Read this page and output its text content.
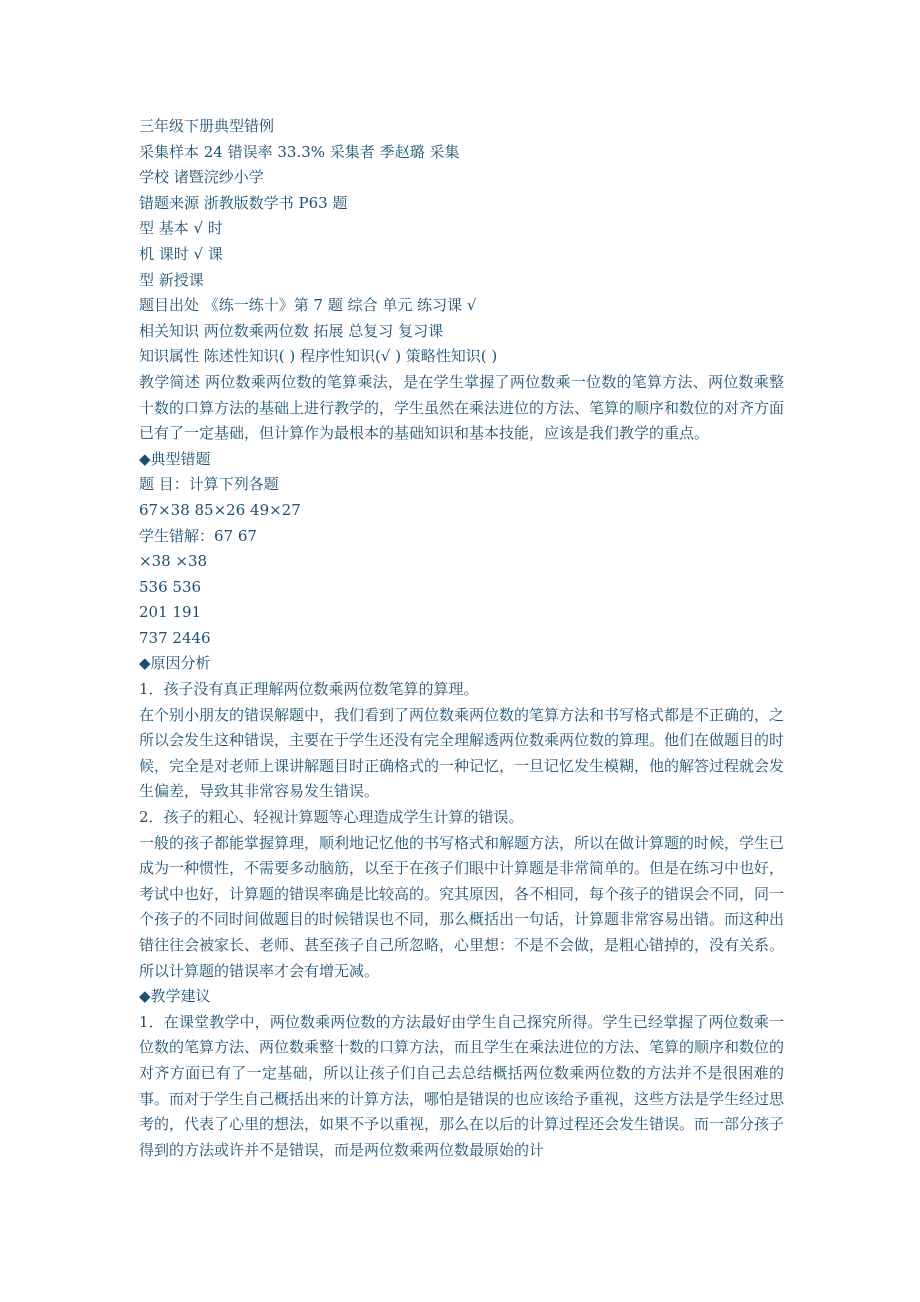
三年级下册典型错例
采集样本 24 错误率 33.3% 采集者 季赵璐 采集
学校 诸暨浣纱小学
错题来源 浙教版数学书 P63 题
型 基本 √ 时
机 课时 √ 课
型 新授课
题目出处 《练一练十》第 7 题 综合 单元 练习课 √
相关知识 两位数乘两位数 拓展 总复习 复习课
知识属性 陈述性知识( ) 程序性知识(√ ) 策略性知识( )
教学简述 两位数乘两位数的笔算乘法，是在学生掌握了两位数乘一位数的笔算方法、两位数乘整十数的口算方法的基础上进行教学的，学生虽然在乘法进位的方法、笔算的顺序和数位的对齐方面已有了一定基础，但计算作为最根本的基础知识和基本技能，应该是我们教学的重点。
◆典型错题
题 目：计算下列各题
67×38 85×26 49×27
学生错解：67 67
×38 ×38
536 536
201 191
737 2446
◆原因分析
1．孩子没有真正理解两位数乘两位数笔算的算理。
在个别小朋友的错误解题中，我们看到了两位数乘两位数的笔算方法和书写格式都是不正确的，之所以会发生这种错误，主要在于学生还没有完全理解透两位数乘两位数的算理。他们在做题目的时候，完全是对老师上课讲解题目时正确格式的一种记忆，一旦记忆发生模糊，他的解答过程就会发生偏差，导致其非常容易发生错误。
2．孩子的粗心、轻视计算题等心理造成学生计算的错误。
一般的孩子都能掌握算理，顺利地记忆他的书写格式和解题方法，所以在做计算题的时候，学生已成为一种惯性，不需要多动脑筋，以至于在孩子们眼中计算题是非常简单的。但是在练习中也好，考试中也好，计算题的错误率确是比较高的。究其原因，各不相同，每个孩子的错误会不同，同一个孩子的不同时间做题目的时候错误也不同，那么概括出一句话，计算题非常容易出错。而这种出错往往会被家长、老师、甚至孩子自己所忽略，心里想：不是不会做，是粗心错掉的，没有关系。所以计算题的错误率才会有增无减。
◆教学建议
1．在课堂教学中，两位数乘两位数的方法最好由学生自己探究所得。学生已经掌握了两位数乘一位数的笔算方法、两位数乘整十数的口算方法，而且学生在乘法进位的方法、笔算的顺序和数位的对齐方面已有了一定基础，所以让孩子们自己去总结概括两位数乘两位数的方法并不是很困难的事。而对于学生自己概括出来的计算方法，哪怕是错误的也应该给予重视，这些方法是学生经过思考的，代表了心里的想法，如果不予以重视，那么在以后的计算过程还会发生错误。而一部分孩子得到的方法或许并不是错误，而是两位数乘两位数最原始的计
